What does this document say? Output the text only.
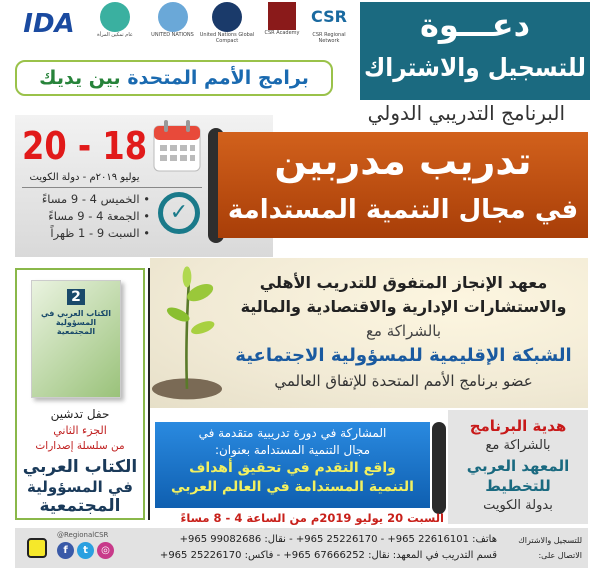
IDA	عام تمكين المرأة	UNITED NATIONS	United Nations Global Compact
CSR Academy
CSR
CSR Regional Network	دعـــوة
للتسجيل والاشتراك
برامج الأمم المتحدة بين يديك
البرنامج التدريبي الدولي
20 - 18
يوليو ٢٠١٩م - دولة الكويت
• الخميس 4 - 9 مساءً
• الجمعة 4 - 9 مساءً
• السبت 9 - 1 ظهراً
✓
تدريب مدربين
في مجال التنمية المستدامة
معهد الإنجاز المتفوق للتدريب الأهلي
والاستشارات الإدارية والاقتصادية والمالية
بالشراكة مع
الشبكة الإقليمية للمسؤولية الاجتماعية
عضو برنامج الأمم المتحدة للإتفاق العالمي
2
الكتاب العربي في المسؤولية المجتمعية
حفل تدشين
الجزء الثاني
من سلسلة إصدارات
الكتاب العربي
في المسؤولية
المجتمعية
هدية البرنامج
بالشراكة مع
المعهد العربي
للتخطيط
بدولة الكويت
المشاركة في دورة تدريبية متقدمة في
مجال التنمية المستدامة بعنوان:
واقع التقدم في تحقيق أهداف
التنمية المستدامة في العالم العربي
السبت 20 يوليو 2019م من الساعة 4 - 8 مساءً
f	t	◎
@RegionalCSR	هاتف: 22616101 965+ - 25226170 965+ - نقال: 99082686 965+
قسم التدريب في المعهد: نقال: 67666252 965+ - فاكس: 25226170 965+
للتسجيل والاشتراك
الاتصال على:
